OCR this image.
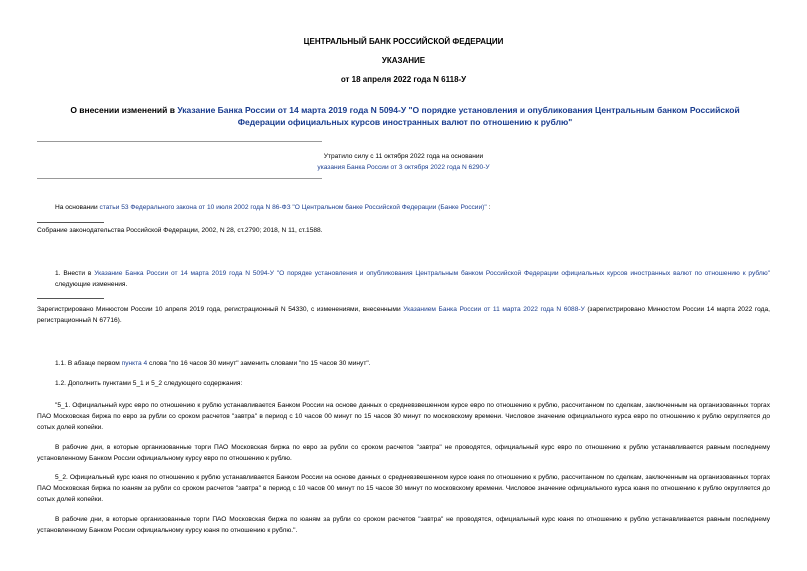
ЦЕНТРАЛЬНЫЙ БАНК РОССИЙСКОЙ ФЕДЕРАЦИИ
УКАЗАНИЕ
от 18 апреля 2022 года N 6118-У
О внесении изменений в Указание Банка России от 14 марта 2019 года N 5094-У "О порядке установления и опубликования Центральным банком Российской Федерации официальных курсов иностранных валют по отношению к рублю"
Утратило силу с 11 октября 2022 года на основании
указания Банка России от 3 октября 2022 года N 6290-У
На основании статьи 53 Федерального закона от 10 июля 2002 года N 86-ФЗ "О Центральном банке Российской Федерации (Банке России)" :
Собрание законодательства Российской Федерации, 2002, N 28, ст.2790; 2018, N 11, ст.1588.
1. Внести в Указание Банка России от 14 марта 2019 года N 5094-У "О порядке установления и опубликования Центральным банком Российской Федерации официальных курсов иностранных валют по отношению к рублю" следующие изменения.
Зарегистрировано Минюстом России 10 апреля 2019 года, регистрационный N 54330, с изменениями, внесенными Указанием Банка России от 11 марта 2022 года N 6088-У (зарегистрировано Минюстом России 14 марта 2022 года, регистрационный N 67716).
1.1. В абзаце первом пункта 4 слова "по 16 часов 30 минут" заменить словами "по 15 часов 30 минут".
1.2. Дополнить пунктами 5_1 и 5_2 следующего содержания:
"5_1. Официальный курс евро по отношению к рублю устанавливается Банком России на основе данных о средневзвешенном курсе евро по отношению к рублю, рассчитанном по сделкам, заключенным на организованных торгах ПАО Московская биржа по евро за рубли со сроком расчетов "завтра" в период с 10 часов 00 минут по 15 часов 30 минут по московскому времени. Числовое значение официального курса евро по отношению к рублю округляется до сотых долей копейки.
В рабочие дни, в которые организованные торги ПАО Московская биржа по евро за рубли со сроком расчетов "завтра" не проводятся, официальный курс евро по отношению к рублю устанавливается равным последнему установленному Банком России официальному курсу евро по отношению к рублю.
5_2. Официальный курс юаня по отношению к рублю устанавливается Банком России на основе данных о средневзвешенном курсе юаня по отношению к рублю, рассчитанном по сделкам, заключенным на организованных торгах ПАО Московская биржа по юаням за рубли со сроком расчетов "завтра" в период с 10 часов 00 минут по 15 часов 30 минут по московскому времени. Числовое значение официального курса юаня по отношению к рублю округляется до сотых долей копейки.
В рабочие дни, в которые организованные торги ПАО Московская биржа по юаням за рубли со сроком расчетов "завтра" не проводятся, официальный курс юаня по отношению к рублю устанавливается равным последнему установленному Банком России официальному курсу юаня по отношению к рублю.".
